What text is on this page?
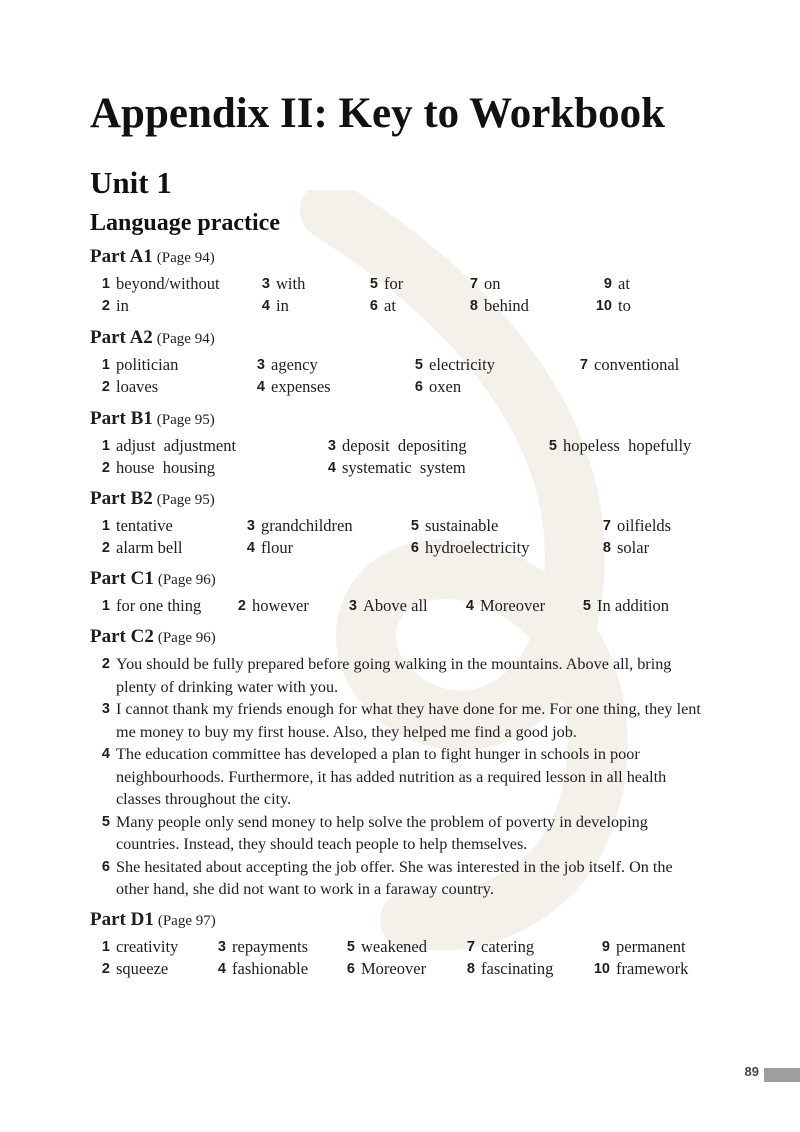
Appendix II: Key to Workbook
Unit 1
Language practice
Part A1 (Page 94)
1 beyond/without	3 with	5 for	7 on	9 at
2 in	4 in	6 at	8 behind	10 to
Part A2 (Page 94)
1 politician	3 agency	5 electricity	7 conventional
2 loaves	4 expenses	6 oxen
Part B1 (Page 95)
1 adjust  adjustment	3 deposit  depositing	5 hopeless  hopefully
2 house  housing	4 systematic  system
Part B2 (Page 95)
1 tentative	3 grandchildren	5 sustainable	7 oilfields
2 alarm bell	4 flour	6 hydroelectricity	8 solar
Part C1 (Page 96)
1 for one thing	2 however	3 Above all	4 Moreover	5 In addition
Part C2 (Page 96)
2 You should be fully prepared before going walking in the mountains. Above all, bring plenty of drinking water with you.
3 I cannot thank my friends enough for what they have done for me. For one thing, they lent me money to buy my first house. Also, they helped me find a good job.
4 The education committee has developed a plan to fight hunger in schools in poor neighbourhoods. Furthermore, it has added nutrition as a required lesson in all health classes throughout the city.
5 Many people only send money to help solve the problem of poverty in developing countries. Instead, they should teach people to help themselves.
6 She hesitated about accepting the job offer. She was interested in the job itself. On the other hand, she did not want to work in a faraway country.
Part D1 (Page 97)
1 creativity	3 repayments	5 weakened	7 catering	9 permanent
2 squeeze	4 fashionable	6 Moreover	8 fascinating	10 framework
89
